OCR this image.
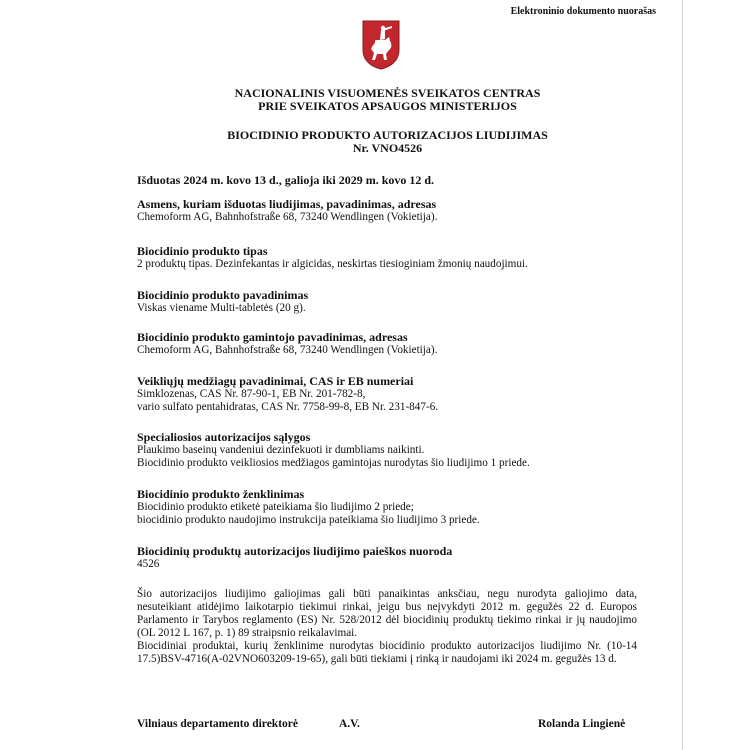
Elektroninio dokumento nuorašas
NACIONALINIS VISUOMENĖS SVEIKATOS CENTRAS
PRIE SVEIKATOS APSAUGOS MINISTERIJOS
BIOCIDINIO PRODUKTO AUTORIZACIJOS LIUDIJIMAS
Nr. VNO4526
Išduotas 2024 m. kovo 13 d., galioja iki 2029 m. kovo 12 d.
Asmens, kuriam išduotas liudijimas, pavadinimas, adresas
Chemoform AG, Bahnhofstraße 68, 73240 Wendlingen (Vokietija).
Biocidinio produkto tipas
2 produktų tipas. Dezinfekantas ir algicidas, neskirtas tiesioginiam žmonių naudojimui.
Biocidinio produkto pavadinimas
Viskas viename Multi-tabletės (20 g).
Biocidinio produkto gamintojo pavadinimas, adresas
Chemoform AG, Bahnhofstraße 68, 73240 Wendlingen (Vokietija).
Veikliųjų medžiagų pavadinimai, CAS ir EB numeriai
Simklozenas, CAS Nr. 87-90-1, EB Nr. 201-782-8,
vario sulfato pentahidratas, CAS Nr. 7758-99-8, EB Nr. 231-847-6.
Specialiosios autorizacijos sąlygos
Plaukimo baseinų vandeniui dezinfekuoti ir dumbliams naikinti.
Biocidinio produkto veikliosios medžiagos gamintojas nurodytas šio liudijimo 1 priede.
Biocidinio produkto ženklinimas
Biocidinio produkto etiketė pateikiama šio liudijimo 2 priede;
biocidinio produkto naudojimo instrukcija pateikiama šio liudijimo 3 priede.
Biocidinių produktų autorizacijos liudijimo paieškos nuoroda
4526
Šio autorizacijos liudijimo galiojimas gali būti panaikintas anksčiau, negu nurodyta galiojimo data, nesuteikiant atidėjimo laikotarpio tiekimui rinkai, jeigu bus neįvykdyti 2012 m. gegužės 22 d. Europos Parlamento ir Tarybos reglamento (ES) Nr. 528/2012 dėl biocidinių produktų tiekimo rinkai ir jų naudojimo (OL 2012 L 167, p. 1) 89 straipsnio reikalavimai.
Biocidiniai produktai, kurių ženklinime nurodytas biocidinio produkto autorizacijos liudijimo Nr. (10-14 17.5)BSV-4716(A-02VNO603209-19-65), gali būti tiekiami į rinką ir naudojami iki 2024 m. gegužės 13 d.
Vilniaus departamento direktorė	A.V.	Rolanda Lingienė
